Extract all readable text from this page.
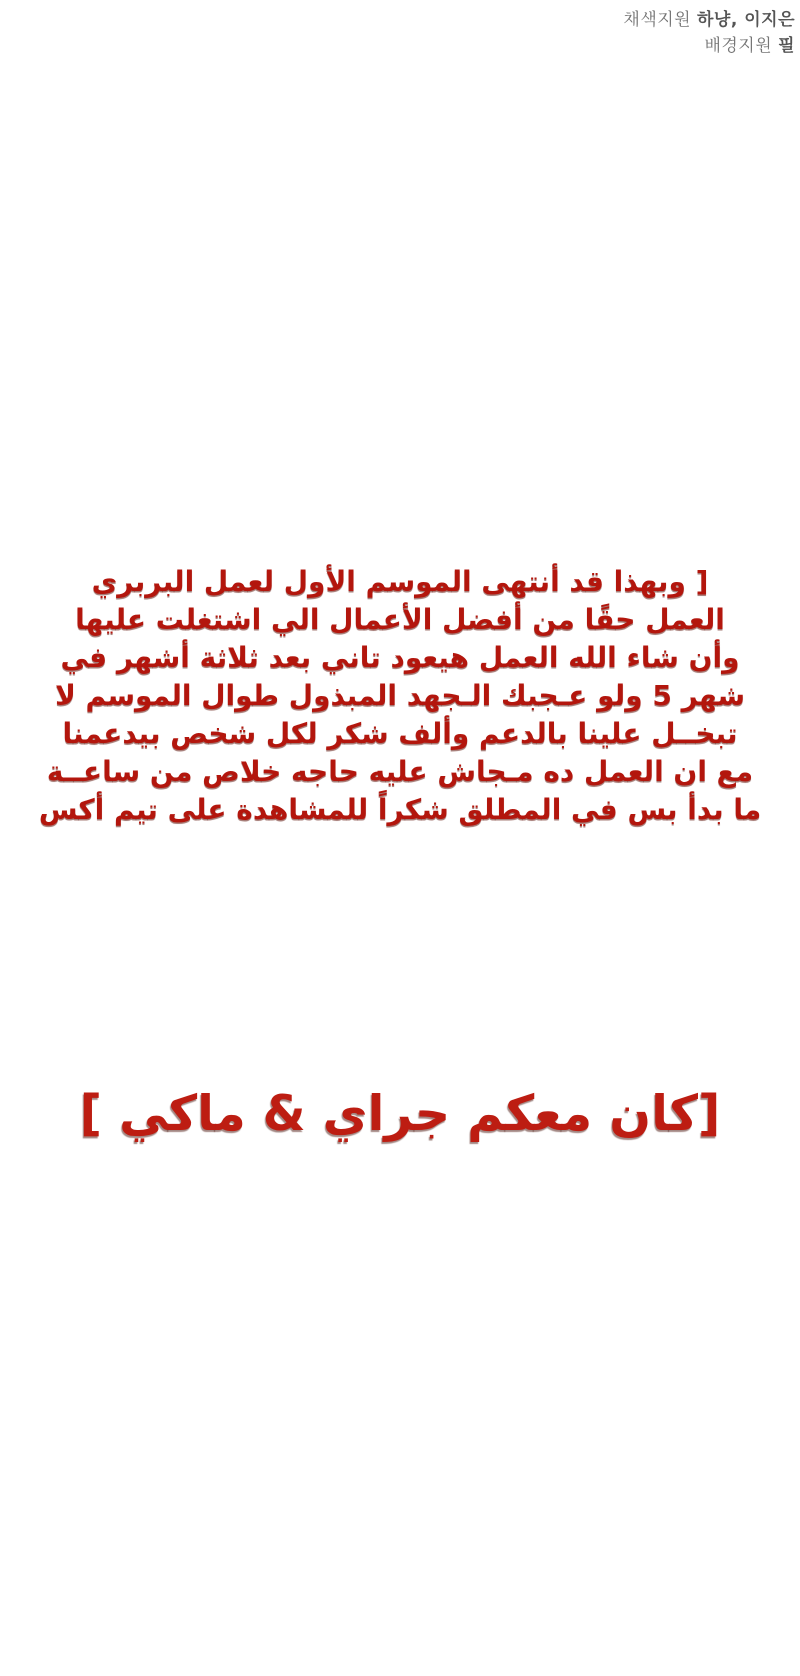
채색지원 하냥, 이지은
배경지원 필
[ وبهذا قد أنتهى الموسم الأول لعمل البربري
العمل حقًا من أفضل الأعمال الي اشتغلت عليها
وأن شاء الله العمل هيعود تاني بعد ثلاثة أشهر في
شهر 5 ولو عـجبك الـجهد المبذول طوال الموسم لا
تبخــل علينا بالدعم وألف شكر لكل شخص بيدعمنا
مع ان العمل ده مـجاش عليه حاجه خلاص من ساعــة
ما بدأ بس في المطلق شكراً للمشاهدة على تيم أكس
[كان معكم جراي & ماكي ]
